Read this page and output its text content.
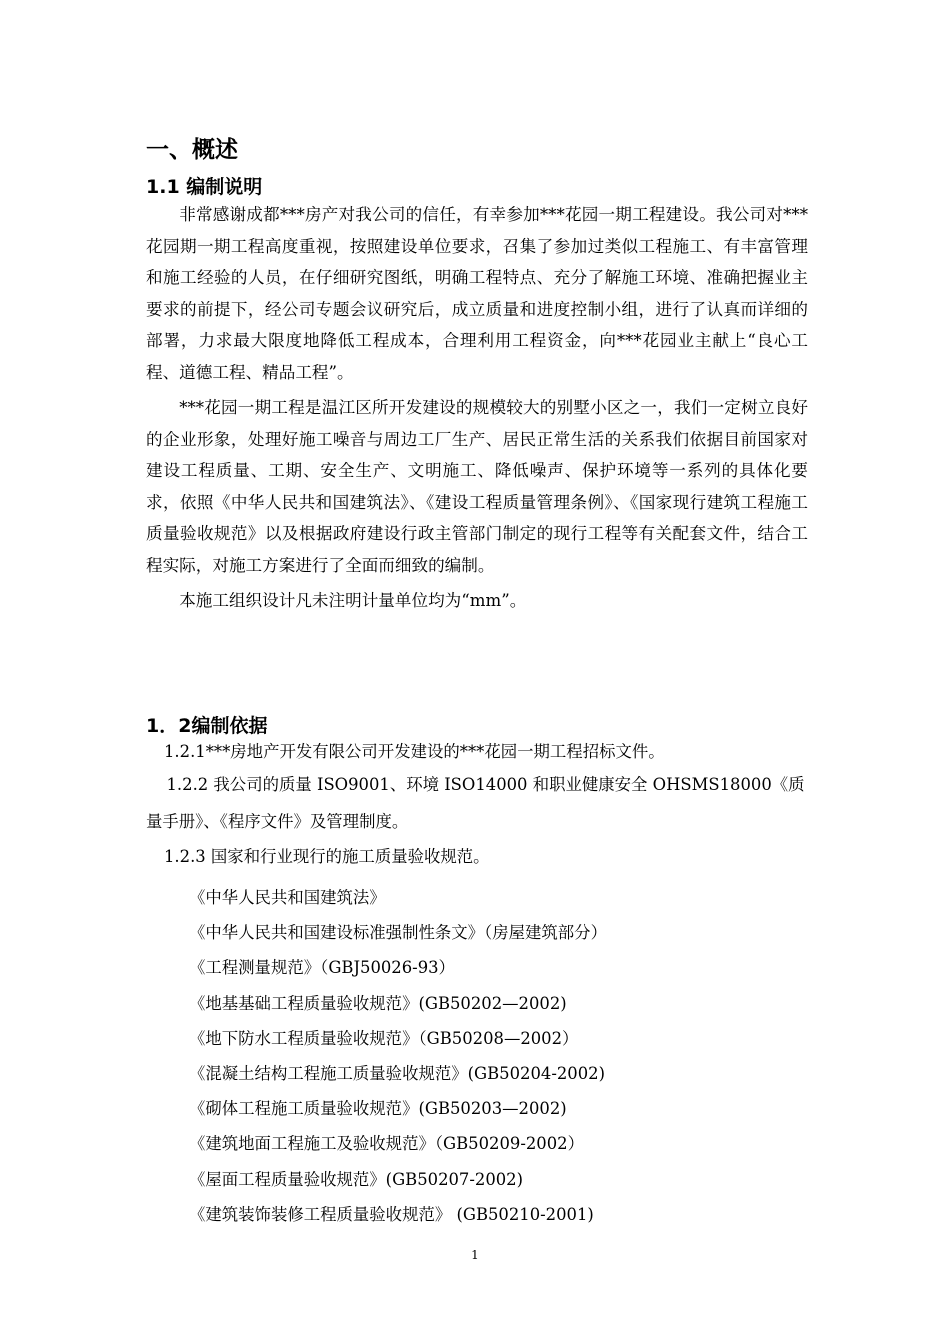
一、概述
1.1 编制说明

非常感谢成都***房产对我公司的信任，有幸参加***花园一期工程建设。我公司对***花园期一期工程高度重视，按照建设单位要求，召集了参加过类似工程施工、有丰富管理和施工经验的人员，在仔细研究图纸，明确工程特点、充分了解施工环境、准确把握业主要求的前提下，经公司专题会议研究后，成立质量和进度控制小组，进行了认真而详细的部署，力求最大限度地降低工程成本，合理利用工程资金，向***花园业主献上“良心工程、道德工程、精品工程”。

***花园一期工程是温江区所开发建设的规模较大的别墅小区之一，我们一定树立良好的企业形象，处理好施工噪音与周边工厂生产、居民正常生活的关系我们依据目前国家对建设工程质量、工期、安全生产、文明施工、降低噪声、保护环境等一系列的具体化要求，依照《中华人民共和国建筑法》、《建设工程质量管理条例》、《国家现行建筑工程施工质量验收规范》以及根据政府建设行政主管部门制定的现行工程等有关配套文件，结合工程实际，对施工方案进行了全面而细致的编制。

本施工组织设计凡未注明计量单位均为“mm”。

1．2编制依据

1.2.1***房地产开发有限公司开发建设的***花园一期工程招标文件。

1.2.2 我公司的质量 ISO9001、环境 ISO14000 和职业健康安全 OHSMS18000《质量手册》、《程序文件》及管理制度。

1.2.3 国家和行业现行的施工质量验收规范。

《中华人民共和国建筑法》
《中华人民共和国建设标准强制性条文》（房屋建筑部分）
《工程测量规范》（GBJ50026-93）
《地基基础工程质量验收规范》(GB50202—2002)
《地下防水工程质量验收规范》（GB50208—2002）
《混凝土结构工程施工质量验收规范》(GB50204-2002)
《砌体工程施工质量验收规范》(GB50203—2002)
《建筑地面工程施工及验收规范》（GB50209-2002）
《屋面工程质量验收规范》(GB50207-2002)
《建筑装饰装修工程质量验收规范》 (GB50210-2001)
1
